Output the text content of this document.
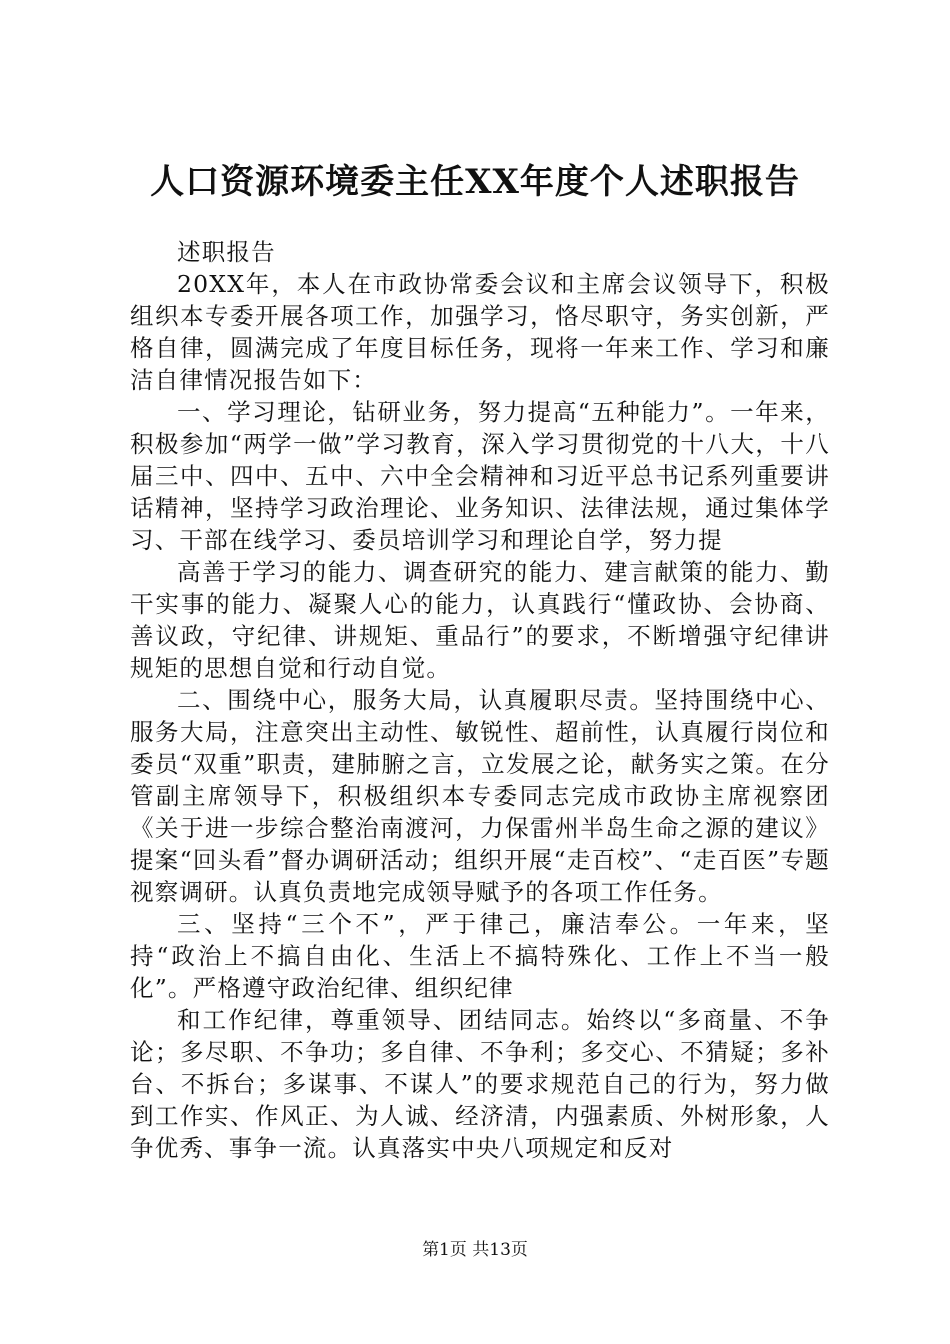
人口资源环境委主任XX年度个人述职报告

述职报告

20XX年，本人在市政协常委会议和主席会议领导下，积极组织本专委开展各项工作，加强学习，恪尽职守，务实创新，严格自律，圆满完成了年度目标任务，现将一年来工作、学习和廉洁自律情况报告如下：

一、学习理论，钻研业务，努力提高“五种能力”。一年来，积极参加“两学一做”学习教育，深入学习贯彻党的十八大，十八届三中、四中、五中、六中全会精神和习近平总书记系列重要讲话精神，坚持学习政治理论、业务知识、法律法规，通过集体学习、干部在线学习、委员培训学习和理论自学，努力提

高善于学习的能力、调查研究的能力、建言献策的能力、勤干实事的能力、凝聚人心的能力，认真践行“懂政协、会协商、善议政，守纪律、讲规矩、重品行”的要求，不断增强守纪律讲规矩的思想自觉和行动自觉。

二、围绕中心，服务大局，认真履职尽责。坚持围绕中心、服务大局，注意突出主动性、敏锐性、超前性，认真履行岗位和委员“双重”职责，建肺腑之言，立发展之论，献务实之策。在分管副主席领导下，积极组织本专委同志完成市政协主席视察团《关于进一步综合整治南渡河，力保雷州半岛生命之源的建议》提案“回头看”督办调研活动；组织开展“走百校”、“走百医”专题视察调研。认真负责地完成领导赋予的各项工作任务。

三、坚持“三个不”，严于律己，廉洁奉公。一年来，坚持“政治上不搞自由化、生活上不搞特殊化、工作上不当一般化”。严格遵守政治纪律、组织纪律

和工作纪律，尊重领导、团结同志。始终以“多商量、不争论；多尽职、不争功；多自律、不争利；多交心、不猜疑；多补台、不拆台；多谋事、不谋人”的要求规范自己的行为，努力做到工作实、作风正、为人诚、经济清，内强素质、外树形象，人争优秀、事争一流。认真落实中央八项规定和反对

第1页 共13页
